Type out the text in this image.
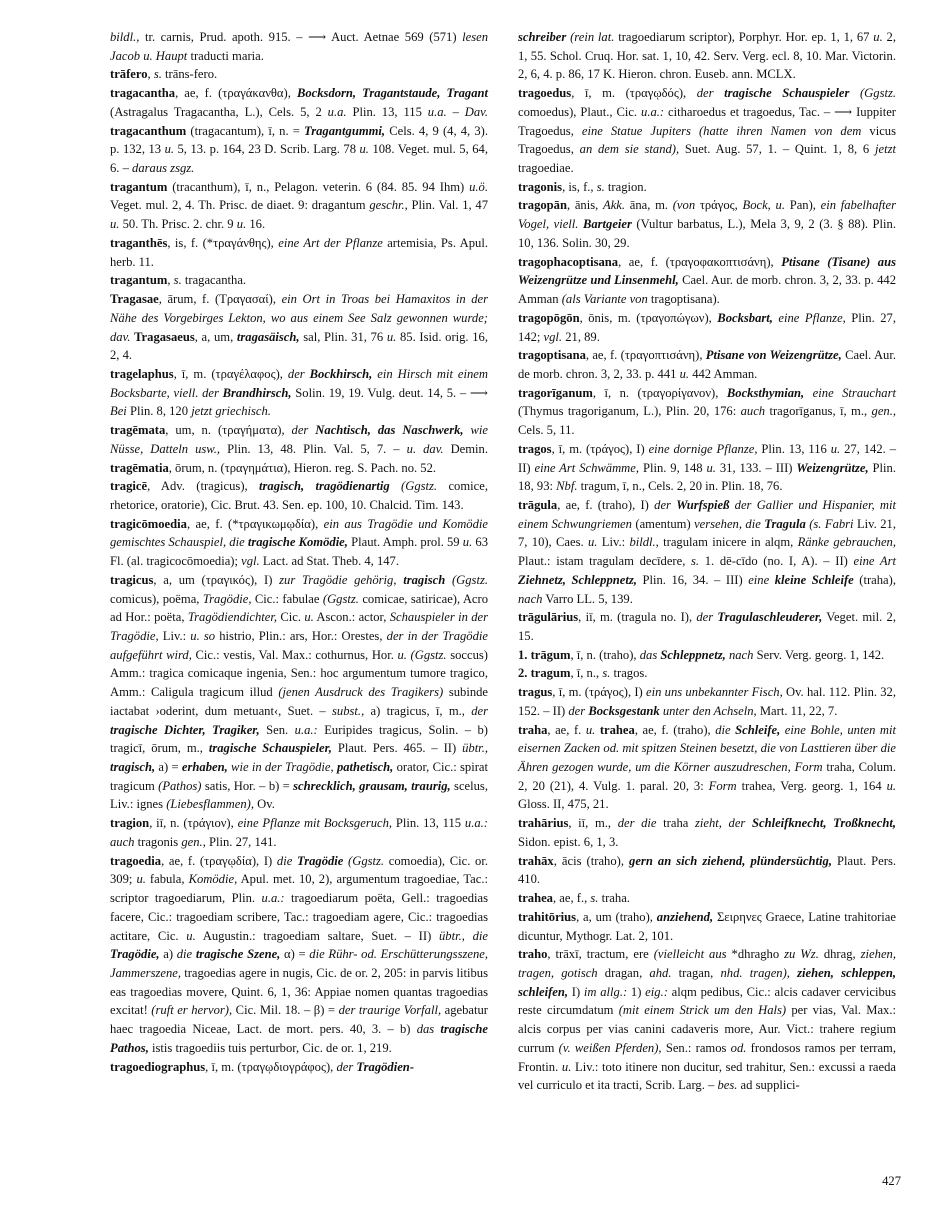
bildl., tr. carnis, Prud. apoth. 915. – ⟶ Auct. Aetnae 569 (571) lesen Jacob u. Haupt traducti maria.

trāfero, s. trāns-fero.

tragacantha, ae, f. (τραγάκανθα), Bocksdorn, Tragantstaude, Tragant (Astragalus Tragacantha, L.), Cels. 5, 2 u.a. Plin. 13, 115 u.a. – Dav. tragacanthum (tragacantum), ī, n. = Tragantgummi, Cels. 4, 9 (4, 4, 3). p. 132, 13 u. 5, 13. p. 164, 23 D. Scrib. Larg. 78 u. 108. Veget. mul. 5, 64, 6. – daraus zsgz.

tragantum (tracanthum), ī, n., Pelagon. veterin. 6 (84. 85. 94 Ihm) u.ö. Veget. mul. 2, 4. Th. Prisc. de diaet. 9: dragantum geschr., Plin. Val. 1, 47 u. 50. Th. Prisc. 2. chr. 9 u. 16.

traganthēs, is, f. (*τραγάνθης), eine Art der Pflanze artemisia, Ps. Apul. herb. 11.

tragantum, s. tragacantha.

Tragasae, ārum, f. (Τραγασαί), ein Ort in Troas bei Hamaxitos in der Nähe des Vorgebirges Lekton, wo aus einem See Salz gewonnen wurde; dav. Tragasaeus, a, um, tragasäisch, sal, Plin. 31, 76 u. 85. Isid. orig. 16, 2, 4.

tragelaphus, ī, m. (τραγέλαφος), der Bockhirsch, ein Hirsch mit einem Bocksbarte, viell. der Brandhirsch, Solin. 19, 19. Vulg. deut. 14, 5. – ⟶ Bei Plin. 8, 120 jetzt griechisch.

tragēmata, um, n. (τραγήματα), der Nachtisch, das Naschwerk, wie Nüsse, Datteln usw., Plin. 13, 48. Plin. Val. 5, 7. – u. dav. Demin. tragēmatia, ōrum, n. (τραγημάτια), Hieron. reg. S. Pach. no. 52.

tragicē, Adv. (tragicus), tragisch, tragödienartig (Ggstz. comice, rhetorice, oratorie), Cic. Brut. 43. Sen. ep. 100, 10. Chalcid. Tim. 143.

tragicōmoedia, ae, f. (*τραγικωμῳδία), ein aus Tragödie und Komödie gemischtes Schauspiel, die tragische Komödie, Plaut. Amph. prol. 59 u. 63 Fl. (al. tragicocōmoedia); vgl. Lact. ad Stat. Theb. 4, 147.

tragicus, a, um (τραγικός), I) zur Tragödie gehörig, tragisch (Ggstz. comicus), poëma, Tragödie, Cic.: fabulae (Ggstz. comicae, satiricae), Acro ad Hor.: poëta, Tragödiendichter, Cic. u. Ascon.: actor, Schauspieler in der Tragödie, Liv.: u. so histrio, Plin.: ars, Hor.: Orestes, der in der Tragödie aufgeführt wird, Cic.: vestis, Val. Max.: cothurnus, Hor. u. (Ggstz. soccus) Amm.: tragica comicaque ingenia, Sen.: hoc argumentum tumore tragico, Amm.: Caligula tragicum illud (jenen Ausdruck des Tragikers) subinde iactabat ›oderint, dum metuant‹, Suet. – subst., a) tragicus, ī, m., der tragische Dichter, Tragiker, Sen. u.a.: Euripides tragicus, Solin. – b) tragicī, ōrum, m., tragische Schauspieler, Plaut. Pers. 465. – II) übtr., tragisch, a) = erhaben, wie in der Tragödie, pathetisch, orator, Cic.: spirat tragicum (Pathos) satis, Hor. – b) = schrecklich, grausam, traurig, scelus, Liv.: ignes (Liebesflammen), Ov.

tragion, iī, n. (τράγιον), eine Pflanze mit Bocksgeruch, Plin. 13, 115 u.a.: auch tragonis gen., Plin. 27, 141.

tragoedia, ae, f. (τραγῳδία), I) die Tragödie (Ggstz. comoedia), Cic. or. 309; u. fabula, Komödie, Apul. met. 10, 2), argumentum tragoediae, Tac.: scriptor tragoediarum, Plin. u.a.: tragoediarum poëta, Gell.: tragoedias facere, Cic.: tragoediam scribere, Tac.: tragoediam agere, Cic.: tragoedias actitare, Cic. u. Augustin.: tragoediam saltare, Suet. – II) übtr., die Tragödie, a) die tragische Szene, α) = die Rühr- od. Erschütterungsszene, Jammerszene, tragoedias agere in nugis, Cic. de or. 2, 205: in parvis litibus eas tragoedias movere, Quint. 6, 1, 36: Appiae nomen quantas tragoedias excitat! (ruft er hervor), Cic. Mil. 18. – β) = der traurige Vorfall, agebatur haec tragoedia Niceae, Lact. de mort. pers. 40, 3. – b) das tragische Pathos, istis tragoediis tuis perturbor, Cic. de or. 1, 219.

tragoediographus, ī, m. (τραγῳδιογράφος), der Tragödien-

schreiber (rein lat. tragoediarum scriptor), Porphyr. Hor. ep. 1, 1, 67 u. 2, 1, 55. Schol. Cruq. Hor. sat. 1, 10, 42. Serv. Verg. ecl. 8, 10. Mar. Victorin. 2, 6, 4. p. 86, 17 K. Hieron. chron. Euseb. ann. MCLX.

tragoedus, ī, m. (τραγῳδός), der tragische Schauspieler (Ggstz. comoedus), Plaut., Cic. u.a.: citharoedus et tragoedus, Tac. – ⟶ Iuppiter Tragoedus, eine Statue Jupiters (hatte ihren Namen von dem vicus Tragoedus, an dem sie stand), Suet. Aug. 57, 1. – Quint. 1, 8, 6 jetzt tragoediae.

tragonis, is, f., s. tragion.

tragopān, ānis, Akk. āna, m. (von τράγος, Bock, u. Pan), ein fabelhafter Vogel, viell. Bartgeier (Vultur barbatus, L.), Mela 3, 9, 2 (3. § 88). Plin. 10, 136. Solin. 30, 29.

tragophacoptisana, ae, f. (τραγοφακοπτισάνη), Ptisane (Tisane) aus Weizengrütze und Linsenmehl, Cael. Aur. de morb. chron. 3, 2, 33. p. 442 Amman (als Variante von tragoptisana).

tragopōgōn, ōnis, m. (τραγοπώγων), Bocksbart, eine Pflanze, Plin. 27, 142; vgl. 21, 89.

tragoptisana, ae, f. (τραγοπτισάνη), Ptisane von Weizengrütze, Cael. Aur. de morb. chron. 3, 2, 33. p. 441 u. 442 Amman.

tragorīganum, ī, n. (τραγορίγανον), Bocksthymian, eine Strauchart (Thymus tragoriganum, L.), Plin. 20, 176: auch tragorīganus, ī, m., gen., Cels. 5, 11.

tragos, ī, m. (τράγος), I) eine dornige Pflanze, Plin. 13, 116 u. 27, 142. – II) eine Art Schwämme, Plin. 9, 148 u. 31, 133. – III) Weizengrütze, Plin. 18, 93: Nbf. tragum, ī, n., Cels. 2, 20 in. Plin. 18, 76.

trāgula, ae, f. (traho), I) der Wurfspieß der Gallier und Hispanier, mit einem Schwungriemen (amentum) versehen, die Tragula (s. Fabri Liv. 21, 7, 10), Caes. u. Liv.: bildl., tragulam inicere in alqm, Ränke gebrauchen, Plaut.: istam tragulam decīdere, s. 1. dē-cīdo (no. I, A). – II) eine Art Ziehnetz, Schleppnetz, Plin. 16, 34. – III) eine kleine Schleife (traha), nach Varro LL. 5, 139.

trāgulārius, iī, m. (tragula no. I), der Tragulaschleuderer, Veget. mil. 2, 15.

1. trāgum, ī, n. (traho), das Schleppnetz, nach Serv. Verg. georg. 1, 142.

2. tragum, ī, n., s. tragos.

tragus, ī, m. (τράγος), I) ein uns unbekannter Fisch, Ov. hal. 112. Plin. 32, 152. – II) der Bocksgestank unter den Achseln, Mart. 11, 22, 7.

traha, ae, f. u. trahea, ae, f. (traho), die Schleife, eine Bohle, unten mit eisernen Zacken od. mit spitzen Steinen besetzt, die von Lasttieren über die Ähren gezogen wurde, um die Körner auszudreschen, Form traha, Colum. 2, 20 (21), 4. Vulg. 1. paral. 20, 3: Form trahea, Verg. georg. 1, 164 u. Gloss. II, 475, 21.

trahārius, iī, m., der die traha zieht, der Schleifknecht, Troßknecht, Sidon. epist. 6, 1, 3.

trahāx, ācis (traho), gern an sich ziehend, plündersüchtig, Plaut. Pers. 410.

trahea, ae, f., s. traha.

trahitōrius, a, um (traho), anziehend, Σειρηνες Graece, Latine trahitoriae dicuntur, Mythogr. Lat. 2, 101.

traho, trāxī, tractum, ere (vielleicht aus *dhragho zu Wz. dhrag, ziehen, tragen, gotisch dragan, ahd. tragan, nhd. tragen), ziehen, schleppen, schleifen, I) im allg.: 1) eig.: alqm pedibus, Cic.: alcis cadaver cervicibus reste circumdatum (mit einem Strick um den Hals) per vias, Val. Max.: alcis corpus per vias canini cadaveris more, Aur. Vict.: trahere regium currum (v. weißen Pferden), Sen.: ramos od. frondosos ramos per terram, Frontin. u. Liv.: toto itinere non ducitur, sed trahitur, Sen.: excussi a raeda vel curriculo et ita tracti, Scrib. Larg. – bes. ad supplici-

427
